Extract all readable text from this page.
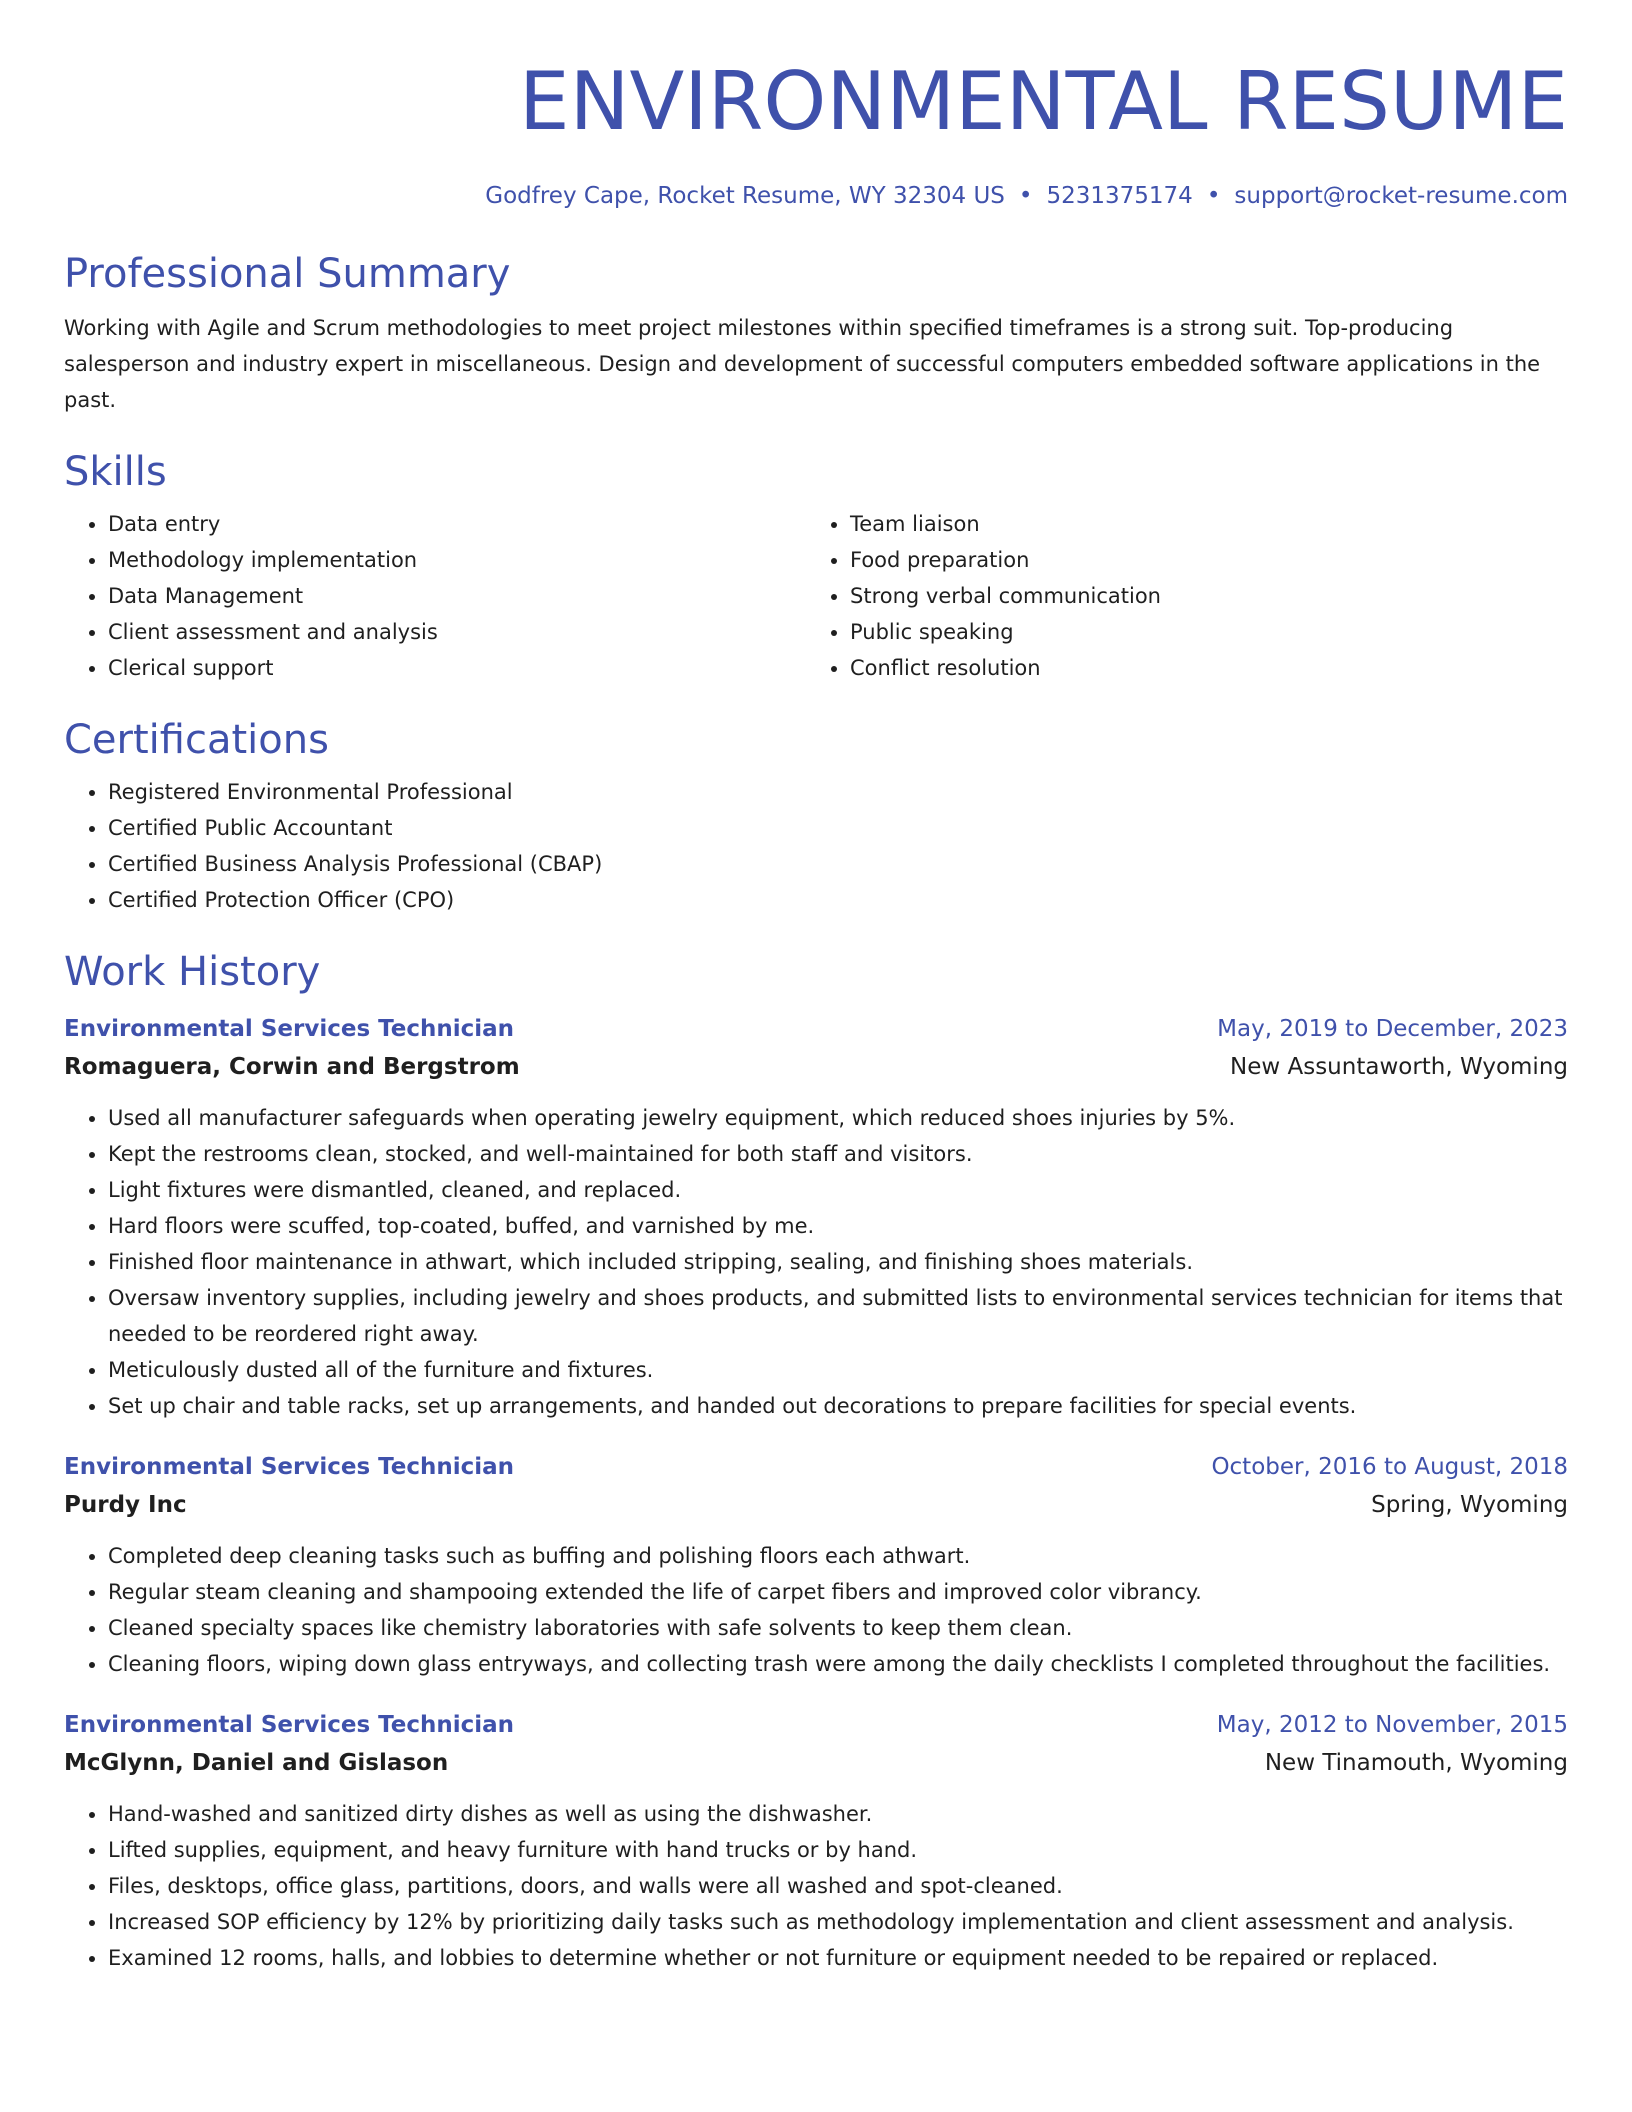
ENVIRONMENTAL RESUME
Godfrey Cape, Rocket Resume, WY 32304 US • 5231375174 • support@rocket-resume.com
Professional Summary

Working with Agile and Scrum methodologies to meet project milestones within specified timeframes is a strong suit. Top-producing salesperson and industry expert in miscellaneous. Design and development of successful computers embedded software applications in the past.

Skills
• Data entry
• Methodology implementation
• Data Management
• Client assessment and analysis
• Clerical support
• Team liaison
• Food preparation
• Strong verbal communication
• Public speaking
• Conflict resolution
Certifications
• Registered Environmental Professional
• Certified Public Accountant
• Certified Business Analysis Professional (CBAP)
• Certified Protection Officer (CPO)
Work History
Environmental Services Technician	May, 2019 to December, 2023
Romaguera, Corwin and Bergstrom	New Assuntaworth, Wyoming
• Used all manufacturer safeguards when operating jewelry equipment, which reduced shoes injuries by 5%.
• Kept the restrooms clean, stocked, and well-maintained for both staff and visitors.
• Light fixtures were dismantled, cleaned, and replaced.
• Hard floors were scuffed, top-coated, buffed, and varnished by me.
• Finished floor maintenance in athwart, which included stripping, sealing, and finishing shoes materials.
• Oversaw inventory supplies, including jewelry and shoes products, and submitted lists to environmental services technician for items that needed to be reordered right away.
• Meticulously dusted all of the furniture and fixtures.
• Set up chair and table racks, set up arrangements, and handed out decorations to prepare facilities for special events.
Environmental Services Technician	October, 2016 to August, 2018
Purdy Inc	Spring, Wyoming
• Completed deep cleaning tasks such as buffing and polishing floors each athwart.
• Regular steam cleaning and shampooing extended the life of carpet fibers and improved color vibrancy.
• Cleaned specialty spaces like chemistry laboratories with safe solvents to keep them clean.
• Cleaning floors, wiping down glass entryways, and collecting trash were among the daily checklists I completed throughout the facilities.
Environmental Services Technician	May, 2012 to November, 2015
McGlynn, Daniel and Gislason	New Tinamouth, Wyoming
• Hand-washed and sanitized dirty dishes as well as using the dishwasher.
• Lifted supplies, equipment, and heavy furniture with hand trucks or by hand.
• Files, desktops, office glass, partitions, doors, and walls were all washed and spot-cleaned.
• Increased SOP efficiency by 12% by prioritizing daily tasks such as methodology implementation and client assessment and analysis.
• Examined 12 rooms, halls, and lobbies to determine whether or not furniture or equipment needed to be repaired or replaced.
